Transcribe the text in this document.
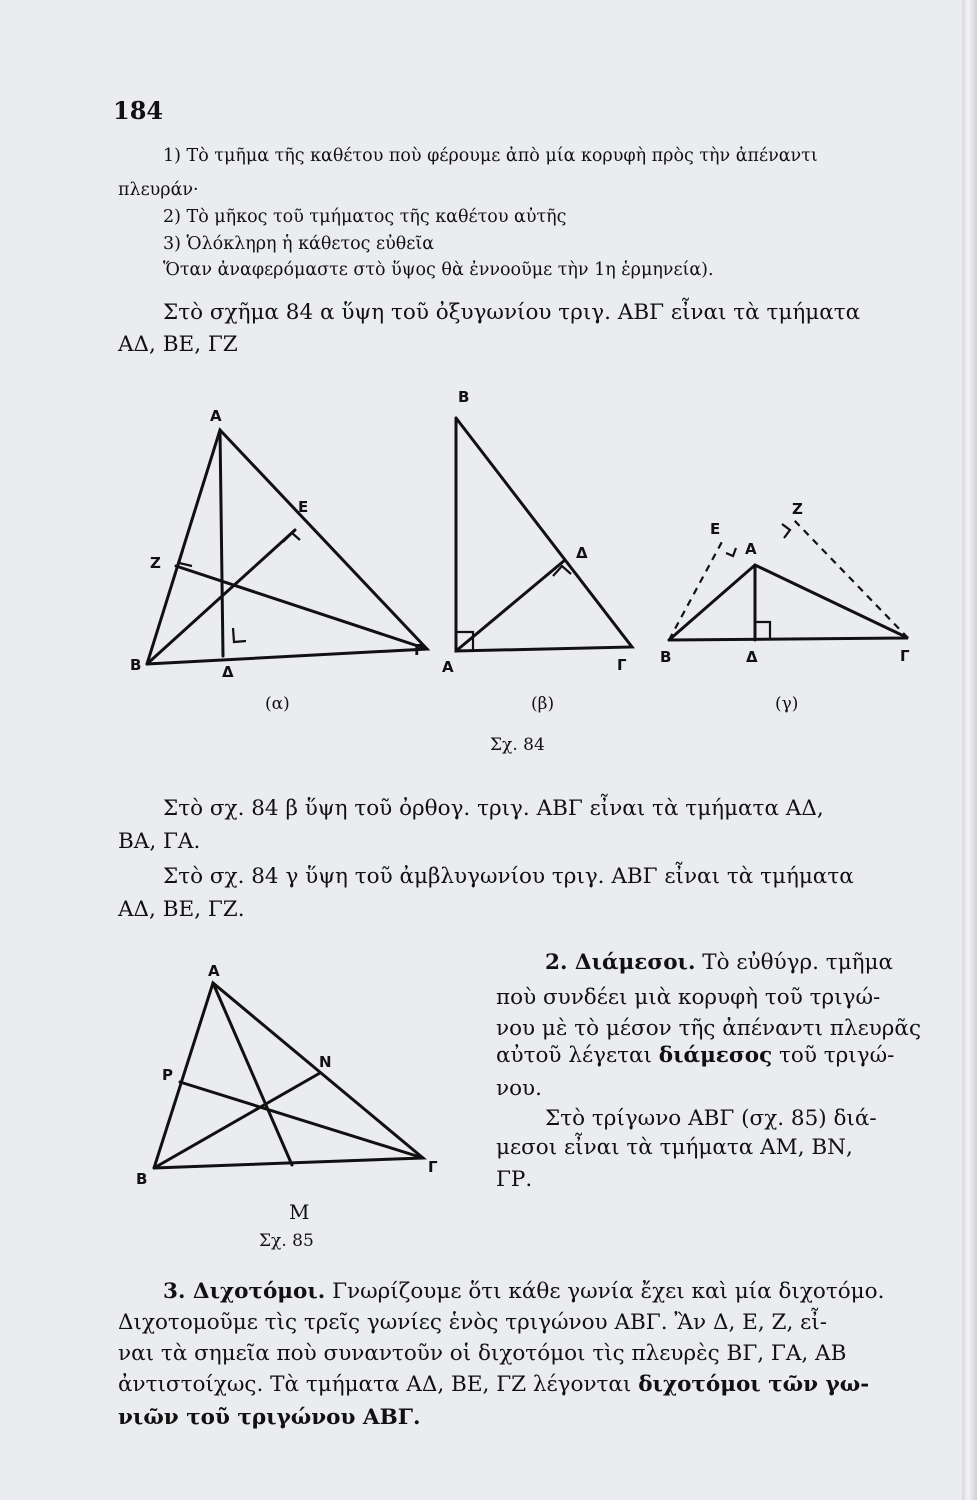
184
1) Τὸ τμῆμα τῆς καθέτου ποὺ φέρουμε ἀπὸ μία κορυφὴ πρὸς τὴν ἀπέναντι
πλευράν·
2) Τὸ μῆκος τοῦ τμήματος τῆς καθέτου αὐτῆς
3) Ὁλόκληρη ἡ κάθετος εὐθεῖα
Ὅταν ἀναφερόμαστε στὸ ὕψος θὰ ἐννοοῦμε τὴν 1η ἑρμηνεία).
Στὸ σχῆμα 84 α ὕψη τοῦ ὀξυγωνίου τριγ. ΑΒΓ εἶναι τὰ τμήματα
ΑΔ, ΒΕ, ΓΖ
A
B
Γ
Δ
E
Z
B
A	Γ
Δ	A
B	Γ
Δ
E
Z
(α)	(β)	(γ)
Σχ. 84
Στὸ σχ. 84 β ὕψη τοῦ ὀρθογ. τριγ. ΑΒΓ εἶναι τὰ τμήματα ΑΔ,
ΒΑ, ΓΑ.
Στὸ σχ. 84 γ ὕψη τοῦ ἀμβλυγωνίου τριγ. ΑΒΓ εἶναι τὰ τμήματα
ΑΔ, ΒΕ, ΓΖ.
2. Διάμεσοι. Τὸ εὐθύγρ. τμῆμα
ποὺ συνδέει μιὰ κορυφὴ τοῦ τριγώ-
νου μὲ τὸ μέσον τῆς ἀπέναντι πλευρᾶς
αὐτοῦ λέγεται διάμεσος τοῦ τριγώ-
νου.
Στὸ τρίγωνο ΑΒΓ (σχ. 85) διά-
μεσοι εἶναι τὰ τμήματα ΑΜ, ΒΝ,
ΓΡ.
A
B
Γ
N
P
Μ
Σχ. 85
3. Διχοτόμοι. Γνωρίζουμε ὅτι κάθε γωνία ἔχει καὶ μία διχοτόμο.
Διχοτομοῦμε τὶς τρεῖς γωνίες ἑνὸς τριγώνου ΑΒΓ. Ἂν Δ, Ε, Ζ, εἶ-
ναι τὰ σημεῖα ποὺ συναντοῦν οἱ διχοτόμοι τὶς πλευρὲς ΒΓ, ΓΑ, ΑΒ
ἀντιστοίχως. Τὰ τμήματα ΑΔ, ΒΕ, ΓΖ λέγονται διχοτόμοι τῶν γω-
νιῶν τοῦ τριγώνου ΑΒΓ.
